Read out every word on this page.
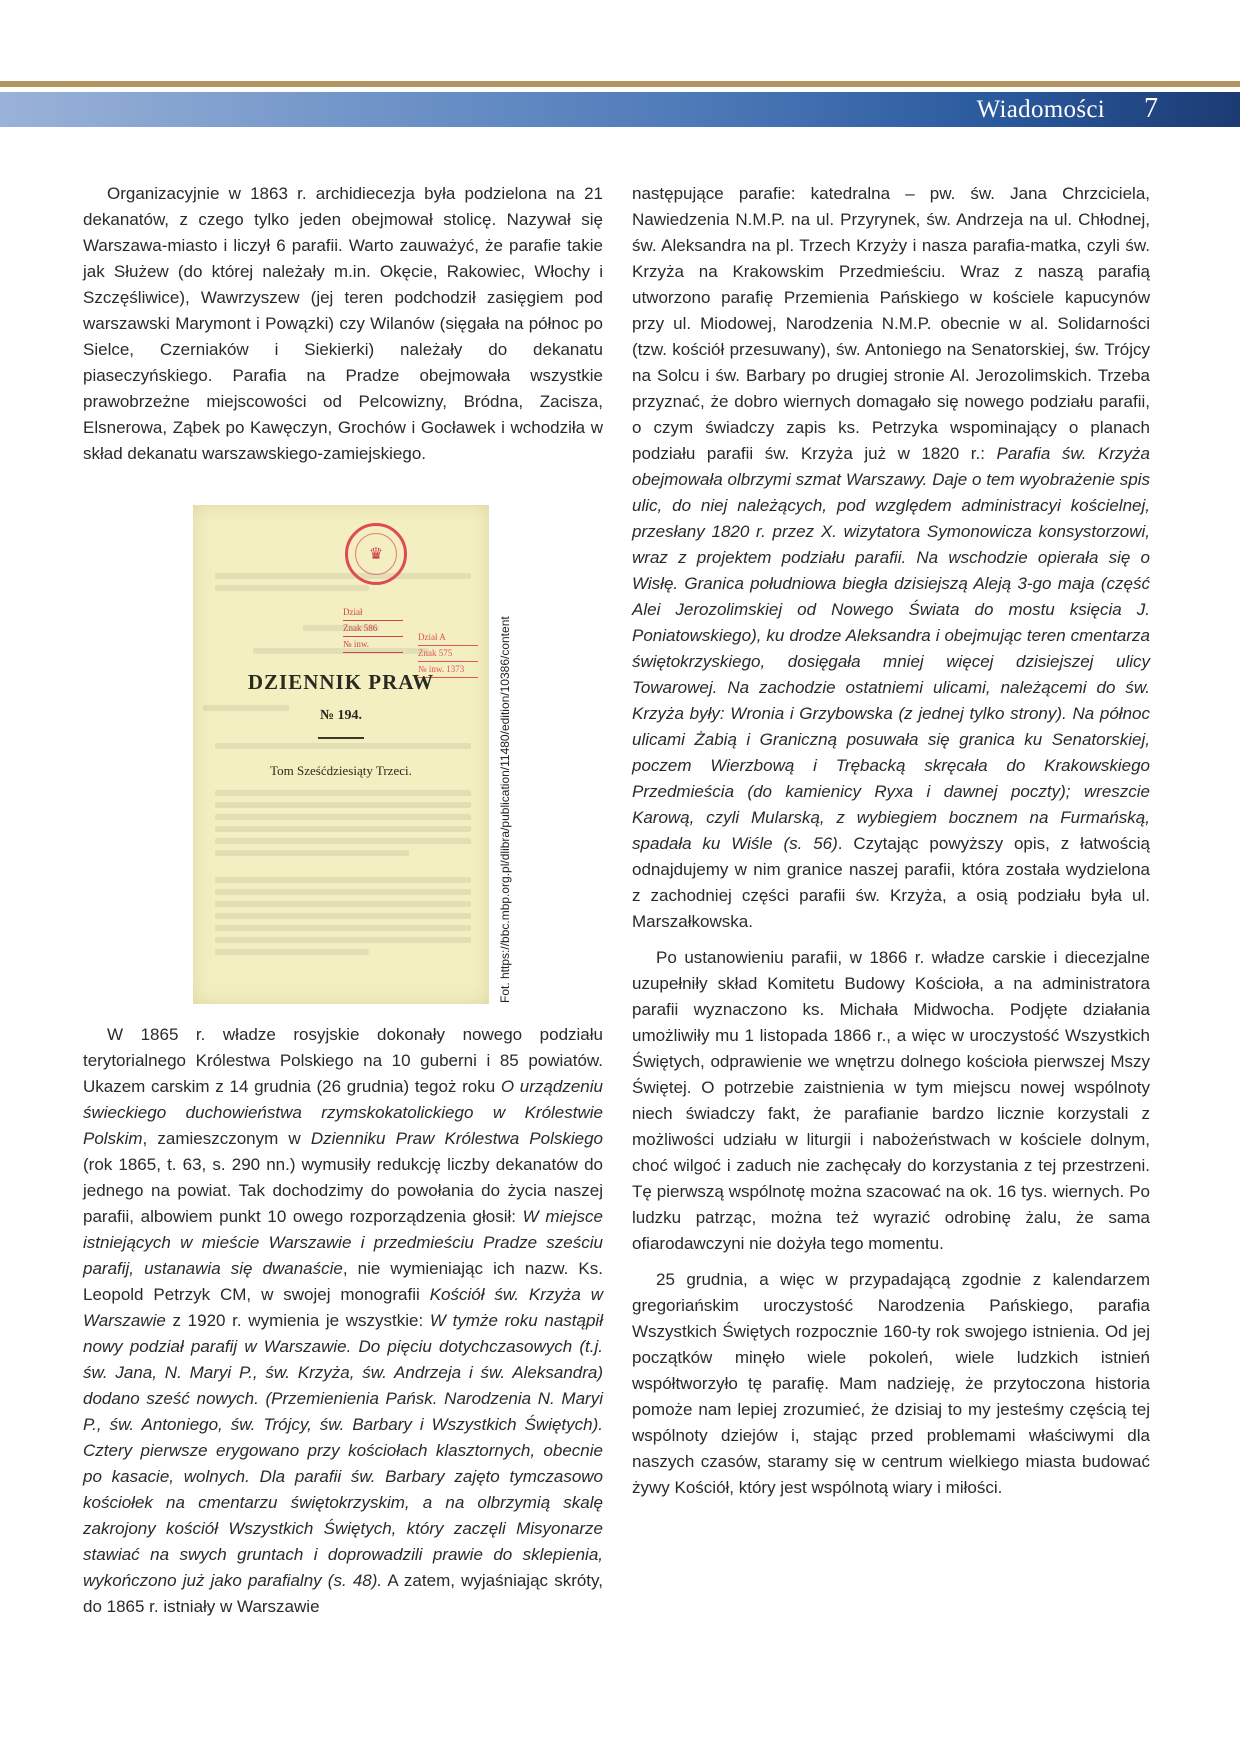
Wiadomości 7

Organizacyjnie w 1863 r. archidiecezja była podzielona na 21 dekanatów, z czego tylko jeden obejmował stolicę. Nazywał się Warszawa-miasto i liczył 6 parafii. Warto zauważyć, że parafie takie jak Służew (do której należały m.in. Okęcie, Rakowiec, Włochy i Szczęśliwice), Wawrzyszew (jej teren podchodził zasięgiem pod warszawski Marymont i Powązki) czy Wilanów (sięgała na północ po Sielce, Czerniaków i Siekierki) należały do dekanatu piaseczyńskiego. Parafia na Pradze obejmowała wszystkie prawobrzeżne miejscowości od Pelcowizny, Bródna, Zacisza, Elsnerowa, Ząbek po Kawęczyn, Grochów i Gocławek i wchodziła w skład dekanatu warszawskiego-zamiejskiego.

♛
Dział
Znak 586
№ inw.
Dział A
Znak 575
№ inw. 1373
DZIENNIK PRAW
№ 194.
Tom Sześćdziesiąty Trzeci.	Fot. https://bbc.mbp.org.pl/dlibra/publication/11480/edition/10386/content

W 1865 r. władze rosyjskie dokonały nowego podziału terytorialnego Królestwa Polskiego na 10 guberni i 85 powiatów. Ukazem carskim z 14 grudnia (26 grudnia) tegoż roku O urządzeniu świeckiego duchowieństwa rzymskokatolickiego w Królestwie Polskim, zamieszczonym w Dzienniku Praw Królestwa Polskiego (rok 1865, t. 63, s. 290 nn.) wymusiły redukcję liczby dekanatów do jednego na powiat. Tak dochodzimy do powołania do życia naszej parafii, albowiem punkt 10 owego rozporządzenia głosił: W miejsce istniejących w mieście Warszawie i przedmieściu Pradze sześciu parafij, ustanawia się dwanaście, nie wymieniając ich nazw. Ks. Leopold Petrzyk CM, w swojej monografii Kościół św. Krzyża w Warszawie z 1920 r. wymienia je wszystkie: W tymże roku nastąpił nowy podział parafij w Warszawie. Do pięciu dotychczasowych (t.j. św. Jana, N. Maryi P., św. Krzyża, św. Andrzeja i św. Aleksandra) dodano sześć nowych. (Przemienienia Pańsk. Narodzenia N. Maryi P., św. Antoniego, św. Trójcy, św. Barbary i Wszystkich Świętych). Cztery pierwsze erygowano przy kościołach klasztornych, obecnie po kasacie, wolnych. Dla parafii św. Barbary zajęto tymczasowo kościołek na cmentarzu świętokrzyskim, a na olbrzymią skalę zakrojony kościół Wszystkich Świętych, który zaczęli Misyonarze stawiać na swych gruntach i doprowadzili prawie do sklepienia, wykończono już jako parafialny (s. 48). A zatem, wyjaśniając skróty, do 1865 r. istniały w Warszawie

następujące parafie: katedralna – pw. św. Jana Chrzciciela, Nawiedzenia N.M.P. na ul. Przyrynek, św. Andrzeja na ul. Chłodnej, św. Aleksandra na pl. Trzech Krzyży i nasza parafia-matka, czyli św. Krzyża na Krakowskim Przedmieściu. Wraz z naszą parafią utworzono parafię Przemienia Pańskiego w kościele kapucynów przy ul. Miodowej, Narodzenia N.M.P. obecnie w al. Solidarności (tzw. kościół przesuwany), św. Antoniego na Senatorskiej, św. Trójcy na Solcu i św. Barbary po drugiej stronie Al. Jerozolimskich. Trzeba przyznać, że dobro wiernych domagało się nowego podziału parafii, o czym świadczy zapis ks. Petrzyka wspominający o planach podziału parafii św. Krzyża już w 1820 r.: Parafia św. Krzyża obejmowała olbrzymi szmat Warszawy. Daje o tem wyobrażenie spis ulic, do niej należących, pod względem administracyi kościelnej, przesłany 1820 r. przez X. wizytatora Symonowicza konsystorzowi, wraz z projektem podziału parafii. Na wschodzie opierała się o Wisłę. Granica południowa biegła dzisiejszą Aleją 3-go maja (część Alei Jerozolimskiej od Nowego Świata do mostu księcia J. Poniatowskiego), ku drodze Aleksandra i obejmując teren cmentarza świętokrzyskiego, dosięgała mniej więcej dzisiejszej ulicy Towarowej. Na zachodzie ostatniemi ulicami, należącemi do św. Krzyża były: Wronia i Grzybowska (z jednej tylko strony). Na północ ulicami Żabią i Graniczną posuwała się granica ku Senatorskiej, poczem Wierzbową i Trębacką skręcała do Krakowskiego Przedmieścia (do kamienicy Ryxa i dawnej poczty); wreszcie Karową, czyli Mularską, z wybiegiem bocznem na Furmańską, spadała ku Wiśle (s. 56). Czytając powyższy opis, z łatwością odnajdujemy w nim granice naszej parafii, która została wydzielona z zachodniej części parafii św. Krzyża, a osią podziału była ul. Marszałkowska.

Po ustanowieniu parafii, w 1866 r. władze carskie i diecezjalne uzupełniły skład Komitetu Budowy Kościoła, a na administratora parafii wyznaczono ks. Michała Midwocha. Podjęte działania umożliwiły mu 1 listopada 1866 r., a więc w uroczystość Wszystkich Świętych, odprawienie we wnętrzu dolnego kościoła pierwszej Mszy Świętej. O potrzebie zaistnienia w tym miejscu nowej wspólnoty niech świadczy fakt, że parafianie bardzo licznie korzystali z możliwości udziału w liturgii i nabożeństwach w kościele dolnym, choć wilgoć i zaduch nie zachęcały do korzystania z tej przestrzeni. Tę pierwszą wspólnotę można szacować na ok. 16 tys. wiernych. Po ludzku patrząc, można też wyrazić odrobinę żalu, że sama ofiarodawczyni nie dożyła tego momentu.

25 grudnia, a więc w przypadającą zgodnie z kalendarzem gregoriańskim uroczystość Narodzenia Pańskiego, parafia Wszystkich Świętych rozpocznie 160-ty rok swojego istnienia. Od jej początków minęło wiele pokoleń, wiele ludzkich istnień współtworzyło tę parafię. Mam nadzieję, że przytoczona historia pomoże nam lepiej zrozumieć, że dzisiaj to my jesteśmy częścią tej wspólnoty dziejów i, stając przed problemami właściwymi dla naszych czasów, staramy się w centrum wielkiego miasta budować żywy Kościół, który jest wspólnotą wiary i miłości.
